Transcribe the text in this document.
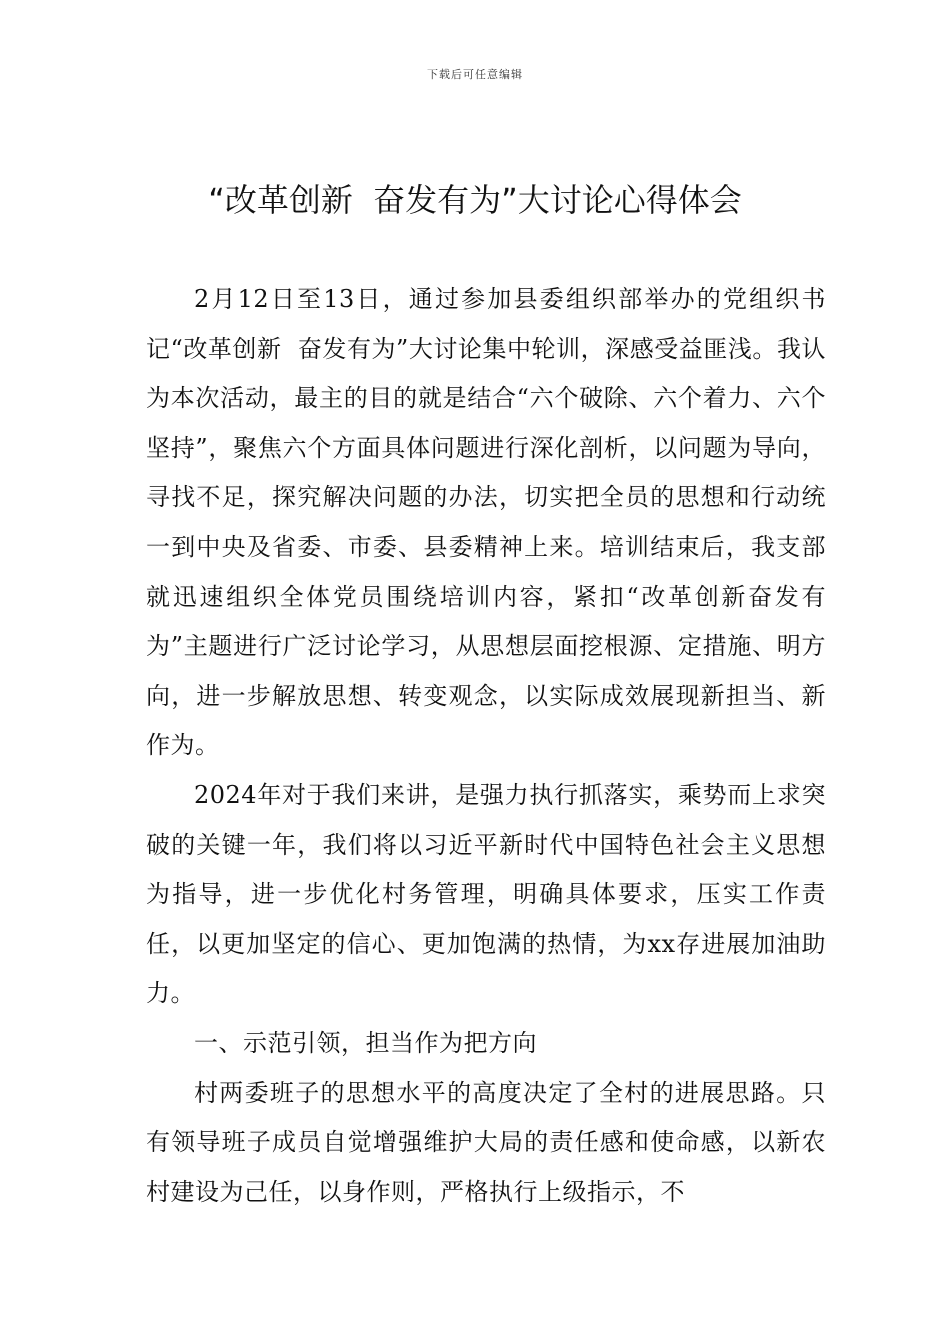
下载后可任意编辑
“改革创新  奋发有为”大讨论心得体会

2月12日至13日，通过参加县委组织部举办的党组织书记“改革创新  奋发有为”大讨论集中轮训，深感受益匪浅。我认为本次活动，最主的目的就是结合“六个破除、六个着力、六个坚持”，聚焦六个方面具体问题进行深化剖析，以问题为导向，寻找不足，探究解决问题的办法，切实把全员的思想和行动统一到中央及省委、市委、县委精神上来。培训结束后，我支部就迅速组织全体党员围绕培训内容，紧扣“改革创新奋发有为”主题进行广泛讨论学习，从思想层面挖根源、定措施、明方向，进一步解放思想、转变观念，以实际成效展现新担当、新作为。

2024年对于我们来讲，是强力执行抓落实，乘势而上求突破的关键一年，我们将以习近平新时代中国特色社会主义思想为指导，进一步优化村务管理，明确具体要求，压实工作责任，以更加坚定的信心、更加饱满的热情，为xx存进展加油助力。

一、示范引领，担当作为把方向

村两委班子的思想水平的高度决定了全村的进展思路。只有领导班子成员自觉增强维护大局的责任感和使命感，以新农村建设为己任，以身作则，严格执行上级指示，不
